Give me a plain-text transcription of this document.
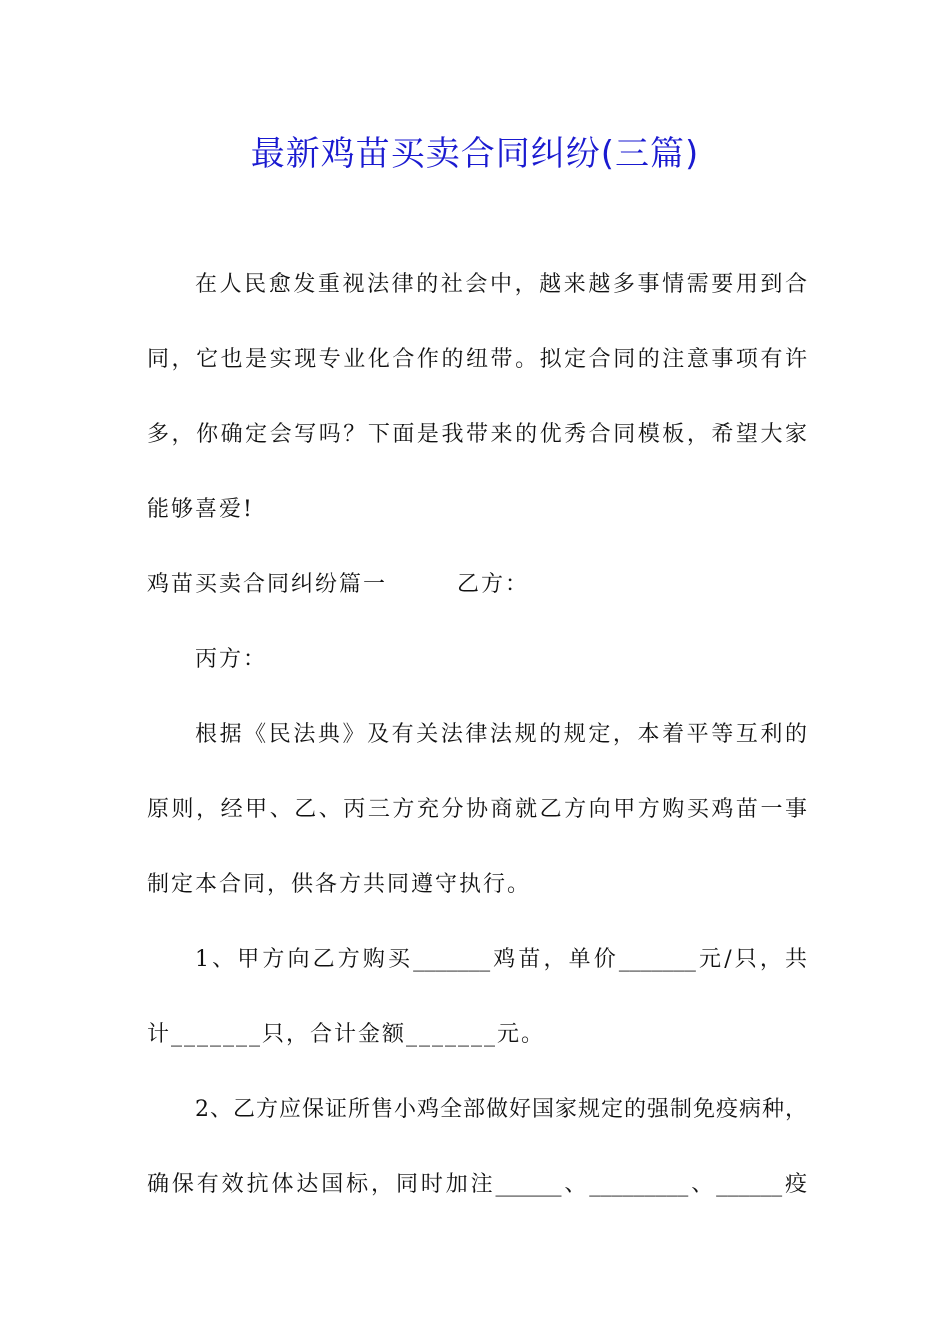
最新鸡苗买卖合同纠纷(三篇)
在人民愈发重视法律的社会中，越来越多事情需要用到合
同，它也是实现专业化合作的纽带。拟定合同的注意事项有许
多，你确定会写吗？下面是我带来的优秀合同模板，希望大家
能够喜爱!
鸡苗买卖合同纠纷篇一	乙方：
丙方：
根据《民法典》及有关法律法规的规定，本着平等互利的
原则，经甲、乙、丙三方充分协商就乙方向甲方购买鸡苗一事
制定本合同，供各方共同遵守执行。
1、甲方向乙方购买_______鸡苗，单价_______元/只，共
计_______只，合计金额_______元。
2、乙方应保证所售小鸡全部做好国家规定的强制免疫病种，
确保有效抗体达国标，同时加注______、_________、______疫
